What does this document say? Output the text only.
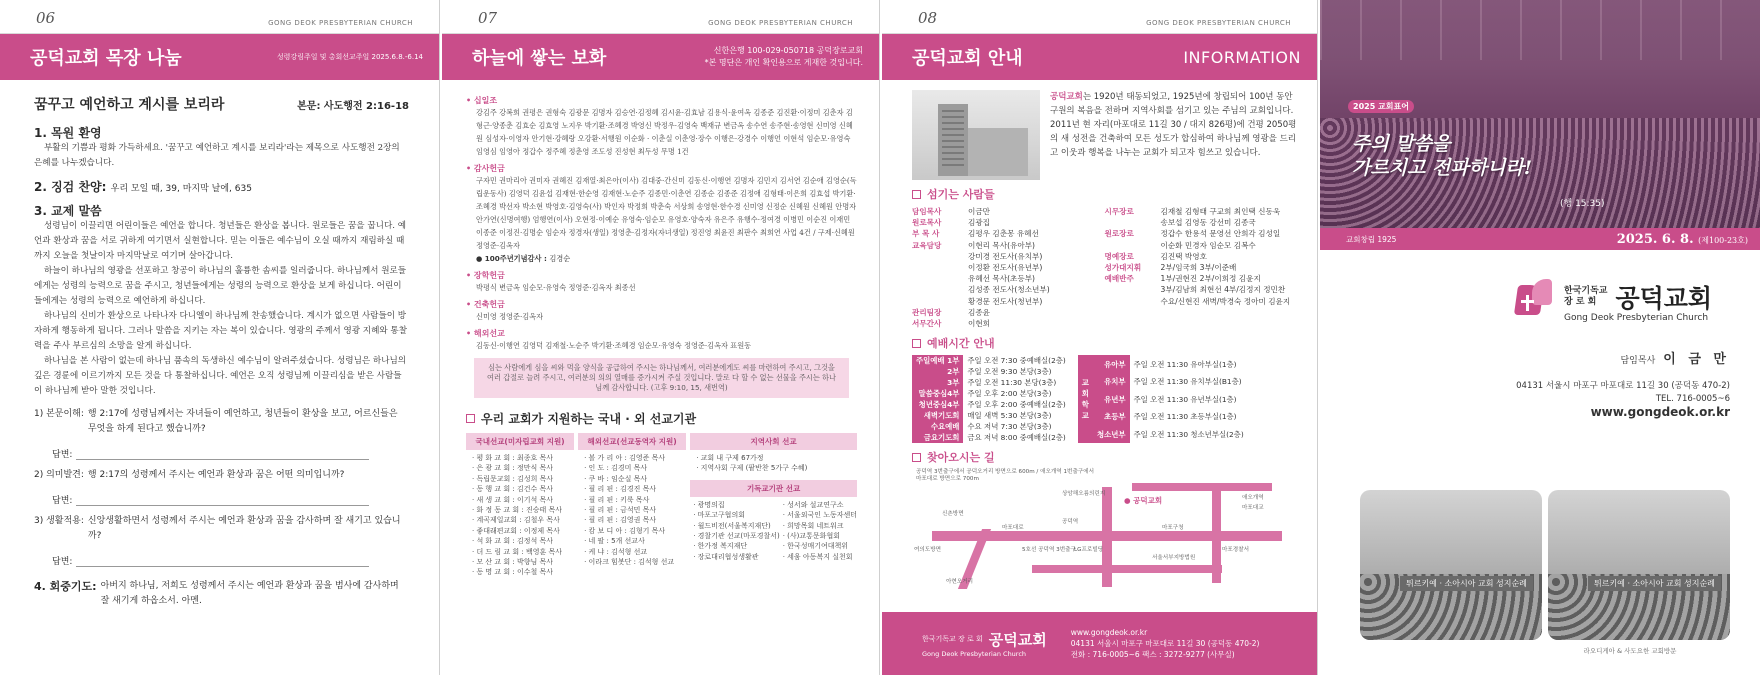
06	GONG DEOK PRESBYTERIAN CHURCH
공덕교회 목장 나눔	성령강림주일 및 총회선교주일 2025.6.8.-6.14
꿈꾸고 예언하고 계시를 보리라	본문: 사도행전 2:16-18
1. 목원 환영

부활의 기쁨과 평화 가득하세요. '꿈꾸고 예언하고 계시를 보리라'라는 제목으로 사도행전 2장의 은혜를 나누겠습니다.

2. 징검 찬양: 우리 모일 때, 39, 마지막 날에, 635
3. 교제 말씀

성령님이 이끌리면 어린이들은 예언을 합니다. 청년들은 환상을 봅니다. 원로들은 꿈을 꿉니다. 예언과 환상과 꿈을 서로 귀하게 여기면서 실현합니다. 믿는 이들은 예수님이 오실 때까지 재림하실 때까지 오늘을 첫날이자 마지막날로 여기며 살아갑니다.

하늘이 하나님의 영광을 선포하고 창공이 하나님의 훌륭한 솜씨를 일러줍니다. 하나님께서 원로들에게는 성령의 능력으로 꿈을 주시고, 청년들에게는 성령의 능력으로 환상을 보게 하십니다. 어린이들에게는 성령의 능력으로 예언하게 하십니다.

하나님의 신비가 환상으로 나타나자 다니엘이 하나님께 찬송했습니다. 계시가 없으면 사람들이 방자하게 행동하게 됩니다. 그러나 말씀을 지키는 자는 복이 있습니다. 영광의 주께서 영광 지혜와 통찰력을 주사 부르심의 소망을 알게 하십니다.

하나님을 본 사람이 없는데 하나님 품속의 독생하신 예수님이 알려주셨습니다. 성령님은 하나님의 깊은 경륜에 이르기까지 모든 것을 다 통찰하십니다. 예언은 오직 성령님께 이끌리심을 받은 사람들이 하나님께 받아 말한 것입니다.

1) 본문이해: 행 2:17에 성령님께서는 자녀들이 예언하고, 청년들이 환상을 보고, 어르신들은 무엇을 하게 된다고 했습니까?
답변:
2) 의미발견: 행 2:17의 성령께서 주시는 예언과 환상과 꿈은 어떤 의미입니까?
답변:
3) 생활적용: 신앙생활하면서 성령께서 주시는 예언과 환상과 꿈을 감사하며 잘 새기고 있습니까?
답변:
4. 회중기도: 아버지 하나님, 저희도 성령께서 주시는 예언과 환상과 꿈을 범사에 감사하며 잘 새기게 하옵소서. 아멘.
07	GONG DEOK PRESBYTERIAN CHURCH
하늘에 쌓는 보화	신한은행 100-029-050718 공덕장로교회
*본 명단은 개인 확인용으로 게재한 것입니다.
• 십일조
강김주 강복희 권평은 권형숙 김광문 김명자 김승연·김정혜 김시윤·김효남 김용식·윤여옥 김종준 김진환·이정미 김춘자 김형근·양종춘 김효순 김효영 노지우 박기환·조혜경 박영신 박정우·김영숙 백재규 변금옥 송수연 송주현·송영현 신미영 신혜원 심성자·이영자 안기현·강혜랑 오강환·서행원 이순화 · 이춘실 이춘영·장수 이행은·강경수 이행언 이현석 임순모·유영숙 임영심 임영아 정갑수 정주혜 정춘영 조도성 진성현 최두성 무명 1건
• 감사헌금
구자민 권마리아 권미자 권혜진 김재열·최은아(이사) 김대중·간신미 김동신·이행연 김명자 김민지 김서연 김순애 김영순(독립운동사) 김영덕 김윤섭 김재현·한순영 김재현·노순주 김종민·이춘연 김종순 김종준 김정애 김형태·이은희 김효섭 박기환·조혜경 박선자 박소현 박영호·김영숙(사) 박인자 박정희 박춘숙 서상희 송영현·한수경 신미영 신정순 신혜원 신혜원 안명자 안가연(신명여행) 엄행연(이사) 오현정·이예순 유영숙·임순모 유영호·양숙자 유은주 유행수·정여경 이병민 이순진 이재민 이종준 이정진·김명순 임순자 정경자(생일) 정영춘·김정자(자녀생일) 정진영 최윤진 최판수 최희연 사업 4건 / 구제·신혜원 정영준·김옥자
● 100주년기념감사 : 김경순
• 장학헌금
박평식 변금옥 임순모·유영숙 정영준·김옥자 최종선
• 건축헌금
신미영 정영준·김옥자
• 해외선교
김동신·이행연 김영덕 김재철·노순주 박기환·조혜경 임순모·유영숙 정영준·김옥자 표원동
심는 사람에게 심을 씨와 먹을 양식을 공급하여 주시는 하나님께서, 여러분에게도 씨를 마련하여 주시고, 그것을 여러 갑절로 늘려 주시고, 여러분의 의의 열매를 증가시켜 주실 것입니다. 말로 다 할 수 없는 선물을 주시는 하나님께 감사합니다. (고후 9:10, 15, 새번역)
우리 교회가 지원하는 국내 · 외 선교기관
국내선교(미자립교회 지원)
· 평 화 교 회 : 최종호 목사
· 은 광 교 회 : 정만식 목사
· 독립문교회 : 김성희 목사
· 동 행 교 회 : 김건수 목사
· 새 생 교 회 : 이기석 목사
· 화 정 동 교 회 : 진승태 목사
· 계곡제일교회 : 김철우 목사
· 좋대래편교회 : 이정제 목사
· 석 화 교 회 : 김정석 목사
· 더 드 림 교 회 : 백영훈 목사
· 모 산 교 회 : 박향님 목사
· 동 명 교 회 : 이수철 목사
해외선교(선교동역자 지원)
· 볼 가 리 아 : 김영준 목사
· 인 도 : 김경미 목사
· 쿠 바 : 임순실 목사
· 필 리 핀 : 김경진 목사
· 필 리 핀 : 키룩 목사
· 필 리 핀 : 금석민 목사
· 필 리 핀 : 김영권 목사
· 캄 보 디 아 : 김형기 목사
· 네 팔 : 5개 선교사
· 케 냐 : 김석형 선교
· 이라크 힘봇단 : 김석형 선교
지역사회 선교
· 교회 내 구제 67가정
· 지역사회 구제 (팥반찬 5가구 수혜)
기독교기관 선교
· 광명의집
· 마포고구협의회
· 월드비전(서울복지재단)
· 경찰기관 선교(마포경찰서)
· 한가정 복지재단
· 장로대리협성생활관
· 성서와 설교연구소
· 서울외국인 노동자센터
· 희망목회 네트워크
· (사)교통문화협회
· 한국성매기여대책위
· 세움 아동복지 실천회
08	GONG DEOK PRESBYTERIAN CHURCH
공덕교회 안내	INFORMATION

공덕교회는 1920년 태동되었고, 1925년에 창립되어 100년 동안 구원의 복음을 전하며 지역사회를 섬기고 있는 주님의 교회입니다. 2011년 현 자리(마포대로 11길 30 / 대지 826평)에 건평 2050평의 새 성전을 건축하여 모든 성도가 합심하여 하나님께 영광을 드리고 이웃과 행복을 나누는 교회가 되고자 힘쓰고 있습니다.

섬기는 사람들
담임목사	이금만
원로목사	김광집
부 목 사	김평우 김춘몽 유혜선
교육담당	이현리 목사(유아부)
강미경 전도사(유치부)
이정환 전도사(유년부)
유혜선 목사(초등부)
김성종 전도사(청소년부)
황경문 전도사(청년부)
관리팀장	김종윤
서무간사	이현희
시무장로	김재철 김형태 구교희 최인택 신동욱
송보섭 김영동 강선미 김종국
원로장로	정갑수 한용석 문영선 안희각 김성일
이순화 민경자 임순모 김복수
명예장로	김진택 박영호
성가대지휘	2부/임국희 3부/이준배
예배반주	1부/권현진 2부/이희정 김윤지
3부/김남희 최현선 4부/김정지 정민찬
수요/신현진 새벽/박경숙 정아미 김윤지
예배시간 안내
주일예배 1부	주일 오전 7:30 중예배실(2층)
2부	주일 오전 9:30 본당(3층)
3부	주일 오전 11:30 본당(3층)
말씀중심4부	주일 오후 2:00 본당(3층)
청년중심4부	주일 오후 2:00 중예배실(2층)
새벽기도회	매일 새벽 5:30 본당(3층)
수요예배	수요 저녁 7:30 본당(3층)
금요기도회	금요 저녁 8:00 중예배실(2층)
교
회
학
교	유아부	주일 오전 11:30 유아부실(1층)
	유치부	주일 오전 11:30 유치부실(B1층)
	유년부	주일 오전 11:30 유년부실(1층)
	초등부	주일 오전 11:30 초등부실(1층)
	청소년부	주일 오전 11:30 청소년부실(2층)
찾아오시는 길
공덕역 3번출구에서 공덕오거리 방면으로 600m / 애오개역 1번출구에서 마포대로 방면으로 700m
● 공덕교회
공덕역
애오개역
마포대교
상암해오름의린지
신촌방면
마포대로
5호선 공덕역 3번출구
LG프로빌딩	마포경찰서
여의도방면
서울서부지방법원
마포구청
아현오거리
한국기독교 장 로 회 공덕교회
Gong Deok Presbyterian Church
www.gongdeok.or.kr
04131 서울시 마포구 마포대로 11길 30 (공덕동 470-2)
전화 : 716-0005~6 팩스 : 3272-9277 (사무실)
2025 교회표어
주의 말씀을
가르치고 전파하니라!
(행 15:35)
교회창립 1925	2025. 6. 8. (제100-23호)
한국기독교
장 로 회 공덕교회
Gong Deok Presbyterian Church
담임목사 이 금 만
04131 서울시 마포구 마포대로 11길 30 (공덕동 470-2)
TEL. 716-0005~6
www.gongdeok.or.kr
튀르키예 · 소아시아 교회 성지순례	튀르키예 · 소아시아 교회 성지순례
라오디게아 & 사도요한 교회방문
